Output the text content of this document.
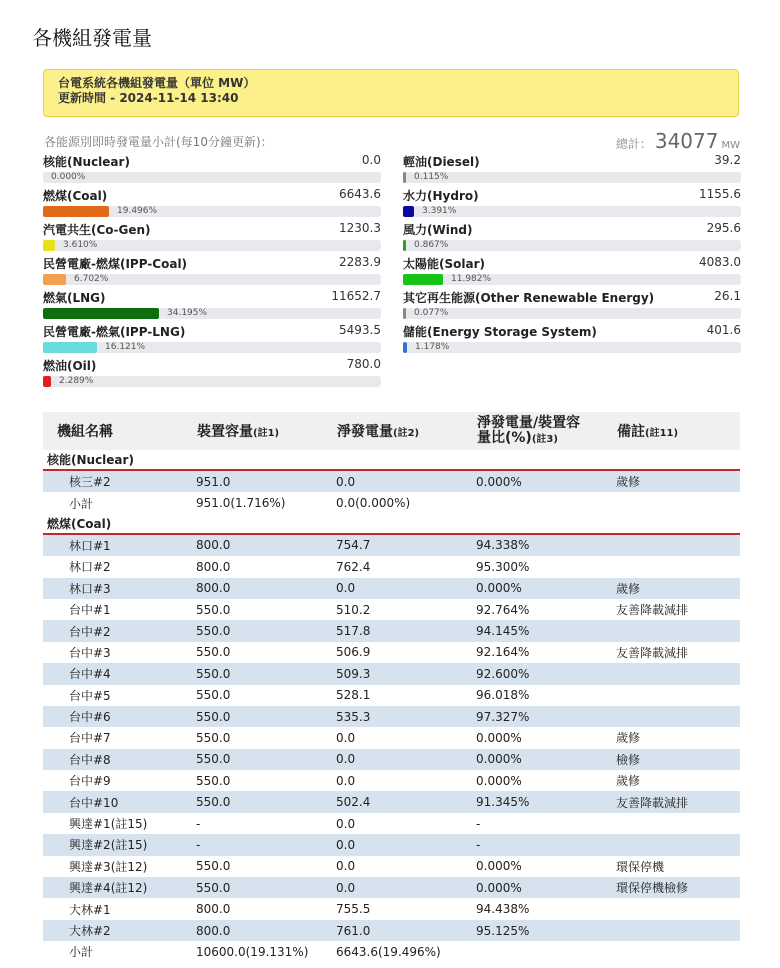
各機組發電量
台電系統各機組發電量（單位 MW）
更新時間 - 2024-11-14 13:40
各能源別即時發電量小計(每10分鐘更新)：	總計： 34077 MW
核能(Nuclear)	0.0
0.000%
燃煤(Coal)	6643.6
19.496%
汽電共生(Co-Gen)	1230.3
3.610%
民營電廠-燃煤(IPP-Coal)	2283.9
6.702%
燃氣(LNG)	11652.7
34.195%
民營電廠-燃氣(IPP-LNG)	5493.5
16.121%
燃油(Oil)	780.0
2.289%
輕油(Diesel)	39.2
0.115%
水力(Hydro)	1155.6
3.391%
風力(Wind)	295.6
0.867%
太陽能(Solar)	4083.0
11.982%
其它再生能源(Other Renewable Energy)	26.1
0.077%
儲能(Energy Storage System)	401.6
1.178%
機組名稱	裝置容量(註1)	淨發電量(註2)	淨發電量/裝置容
量比(%)(註3)	備註(註11)
核能(Nuclear)				
核三#2	951.0	0.0	0.000%	歲修
小計	951.0(1.716%)	0.0(0.000%)		
燃煤(Coal)				
林口#1	800.0	754.7	94.338%	
林口#2	800.0	762.4	95.300%	
林口#3	800.0	0.0	0.000%	歲修
台中#1	550.0	510.2	92.764%	友善降載減排
台中#2	550.0	517.8	94.145%	
台中#3	550.0	506.9	92.164%	友善降載減排
台中#4	550.0	509.3	92.600%	
台中#5	550.0	528.1	96.018%	
台中#6	550.0	535.3	97.327%	
台中#7	550.0	0.0	0.000%	歲修
台中#8	550.0	0.0	0.000%	檢修
台中#9	550.0	0.0	0.000%	歲修
台中#10	550.0	502.4	91.345%	友善降載減排
興達#1(註15)	-	0.0	-	
興達#2(註15)	-	0.0	-	
興達#3(註12)	550.0	0.0	0.000%	環保停機
興達#4(註12)	550.0	0.0	0.000%	環保停機檢修
大林#1	800.0	755.5	94.438%	
大林#2	800.0	761.0	95.125%	
小計	10600.0(19.131%)	6643.6(19.496%)		
